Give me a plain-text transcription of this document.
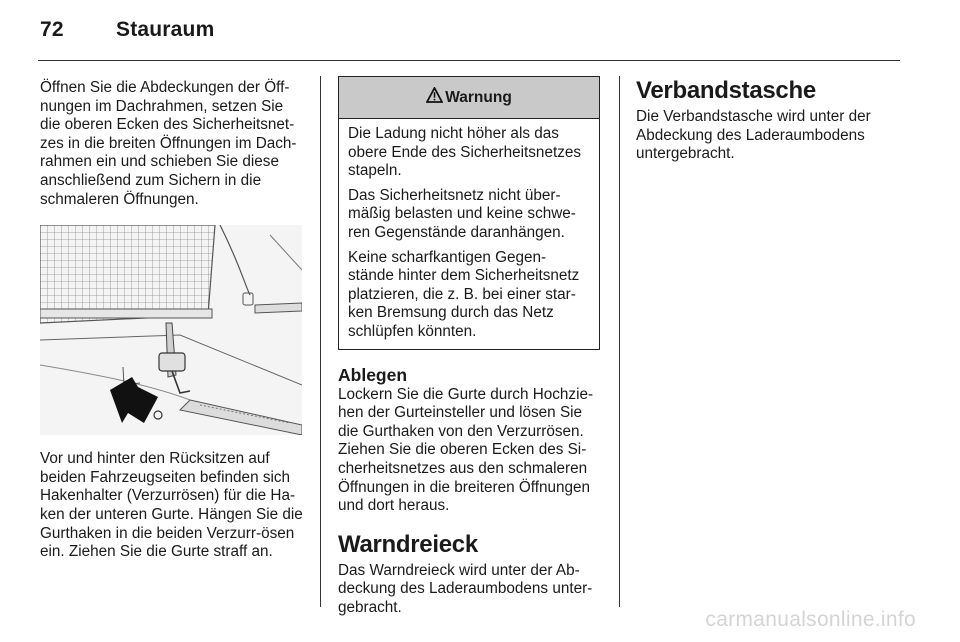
72 Stauraum

Öffnen Sie die Abdeckungen der Öff-nungen im Dachrahmen, setzen Sie die oberen Ecken des Sicherheitsnet-zes in die breiten Öffnungen im Dach-rahmen ein und schieben Sie diese anschließend zum Sichern in die schmaleren Öffnungen.

Vor und hinter den Rücksitzen auf beiden Fahrzeugseiten befinden sich Hakenhalter (Verzurrösen) für die Ha-ken der unteren Gurte. Hängen Sie die Gurthaken in die beiden Verzurr-ösen ein. Ziehen Sie die Gurte straff an.

Warnung

Die Ladung nicht höher als das obere Ende des Sicherheitsnetzes stapeln.

Das Sicherheitsnetz nicht über-mäßig belasten und keine schwe-ren Gegenstände daranhängen.

Keine scharfkantigen Gegen-stände hinter dem Sicherheitsnetz platzieren, die z. B. bei einer star-ken Bremsung durch das Netz schlüpfen könnten.

Ablegen

Lockern Sie die Gurte durch Hochzie-hen der Gurteinsteller und lösen Sie die Gurthaken von den Verzurrösen. Ziehen Sie die oberen Ecken des Si-cherheitsnetzes aus den schmaleren Öffnungen in die breiteren Öffnungen und dort heraus.

Warndreieck

Das Warndreieck wird unter der Ab-deckung des Laderaumbodens unter-gebracht.

Verbandstasche

Die Verbandstasche wird unter der Abdeckung des Laderaumbodens untergebracht.

carmanualsonline.info
